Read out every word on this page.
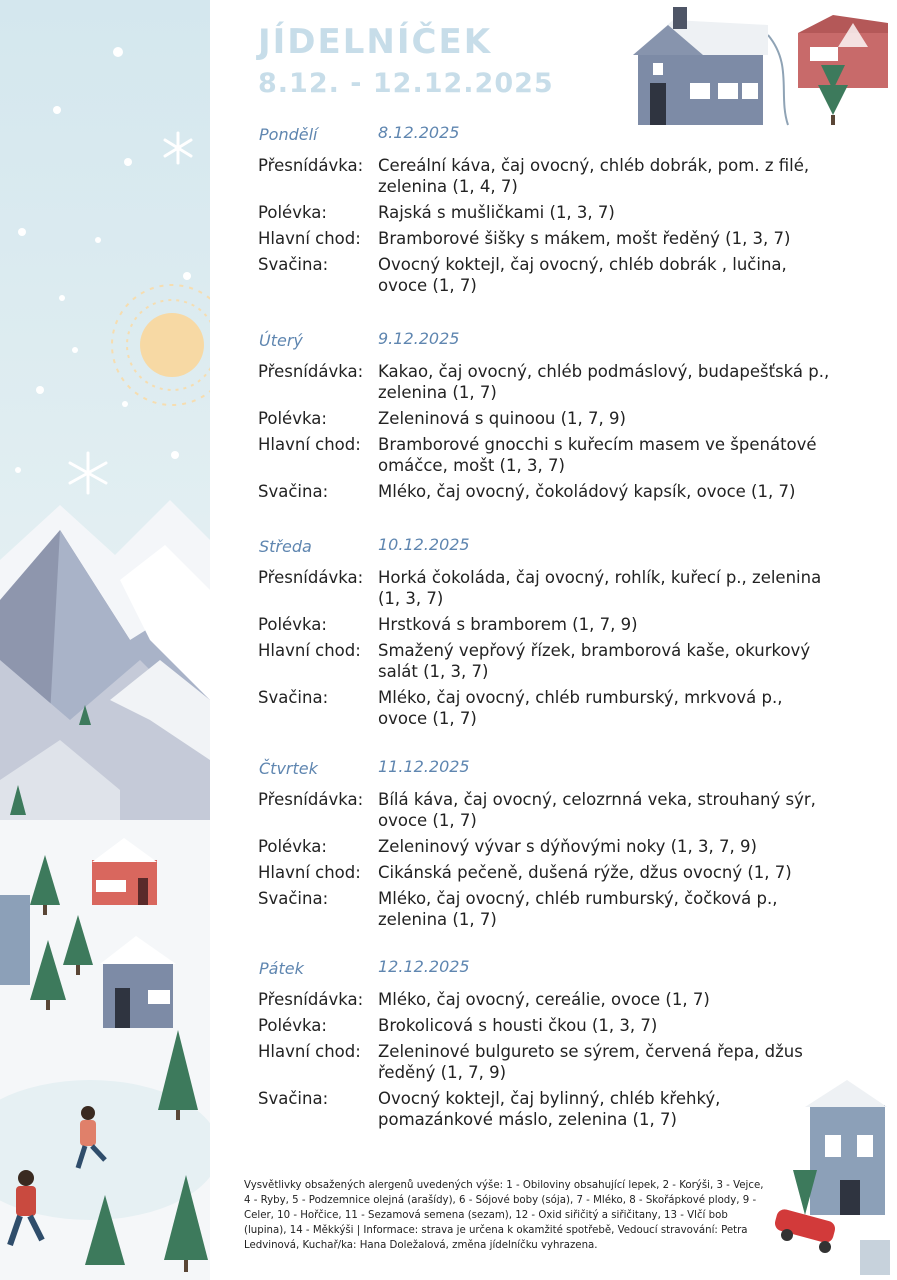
JÍDELNÍČEK

8.12. - 12.12.2025

Pondělí	8.12.2025
Přesnídávka: Cereální káva, čaj ovocný, chléb dobrák, pom. z filé, zelenina (1, 4, 7)
Polévka:	Rajská s mušličkami (1, 3, 7)
Hlavní chod:	Bramborové šišky s mákem, mošt ředěný (1, 3, 7)
Svačina:	Ovocný koktejl, čaj ovocný, chléb dobrák , lučina, ovoce (1, 7)
Úterý	9.12.2025
Přesnídávka: Kakao, čaj ovocný, chléb podmáslový, budapešťská p., zelenina (1, 7)
Polévka:	Zeleninová s quinoou (1, 7, 9)
Hlavní chod:	Bramborové gnocchi s kuřecím masem ve špenátové omáčce, mošt (1, 3, 7)
Svačina:	Mléko, čaj ovocný, čokoládový kapsík, ovoce (1, 7)
Středa	10.12.2025
Přesnídávka: Horká čokoláda, čaj ovocný, rohlík, kuřecí p., zelenina (1, 3, 7)
Polévka:	Hrstková s bramborem (1, 7, 9)
Hlavní chod:	Smažený vepřový řízek, bramborová kaše, okurkový salát (1, 3, 7)
Svačina:	Mléko, čaj ovocný, chléb rumburský, mrkvová p., ovoce (1, 7)
Čtvrtek	11.12.2025
Přesnídávka: Bílá káva, čaj ovocný, celozrnná veka, strouhaný sýr, ovoce (1, 7)
Polévka:	Zeleninový vývar s dýňovými noky (1, 3, 7, 9)
Hlavní chod:	Cikánská pečeně, dušená rýže, džus ovocný (1, 7)
Svačina:	Mléko, čaj ovocný, chléb rumburský, čočková p., zelenina (1, 7)
Pátek	12.12.2025
Přesnídávka: Mléko, čaj ovocný, cereálie, ovoce (1, 7)
Polévka:	Brokolicová s housti čkou (1, 3, 7)
Hlavní chod:	Zeleninové bulgureto se sýrem, červená řepa, džus ředěný (1, 7, 9)
Svačina:	Ovocný koktejl, čaj bylinný, chléb křehký, pomazánkové máslo, zelenina (1, 7)

Vysvětlivky obsažených alergenů uvedených výše: 1 - Obiloviny obsahující lepek, 2 - Korýši, 3 - Vejce, 4 - Ryby, 5 - Podzemnice olejná (arašídy), 6 - Sójové boby (sója), 7 - Mléko, 8 - Skořápkové plody, 9 - Celer, 10 - Hořčice, 11 - Sezamová semena (sezam), 12 - Oxid siřičitý a siřičitany, 13 - Vlčí bob (lupina), 14 - Měkkýši | Informace: strava je určena k okamžité spotřebě, Vedoucí stravování: Petra Ledvinová, Kuchař/ka: Hana Doležalová, změna jídelníčku vyhrazena.
